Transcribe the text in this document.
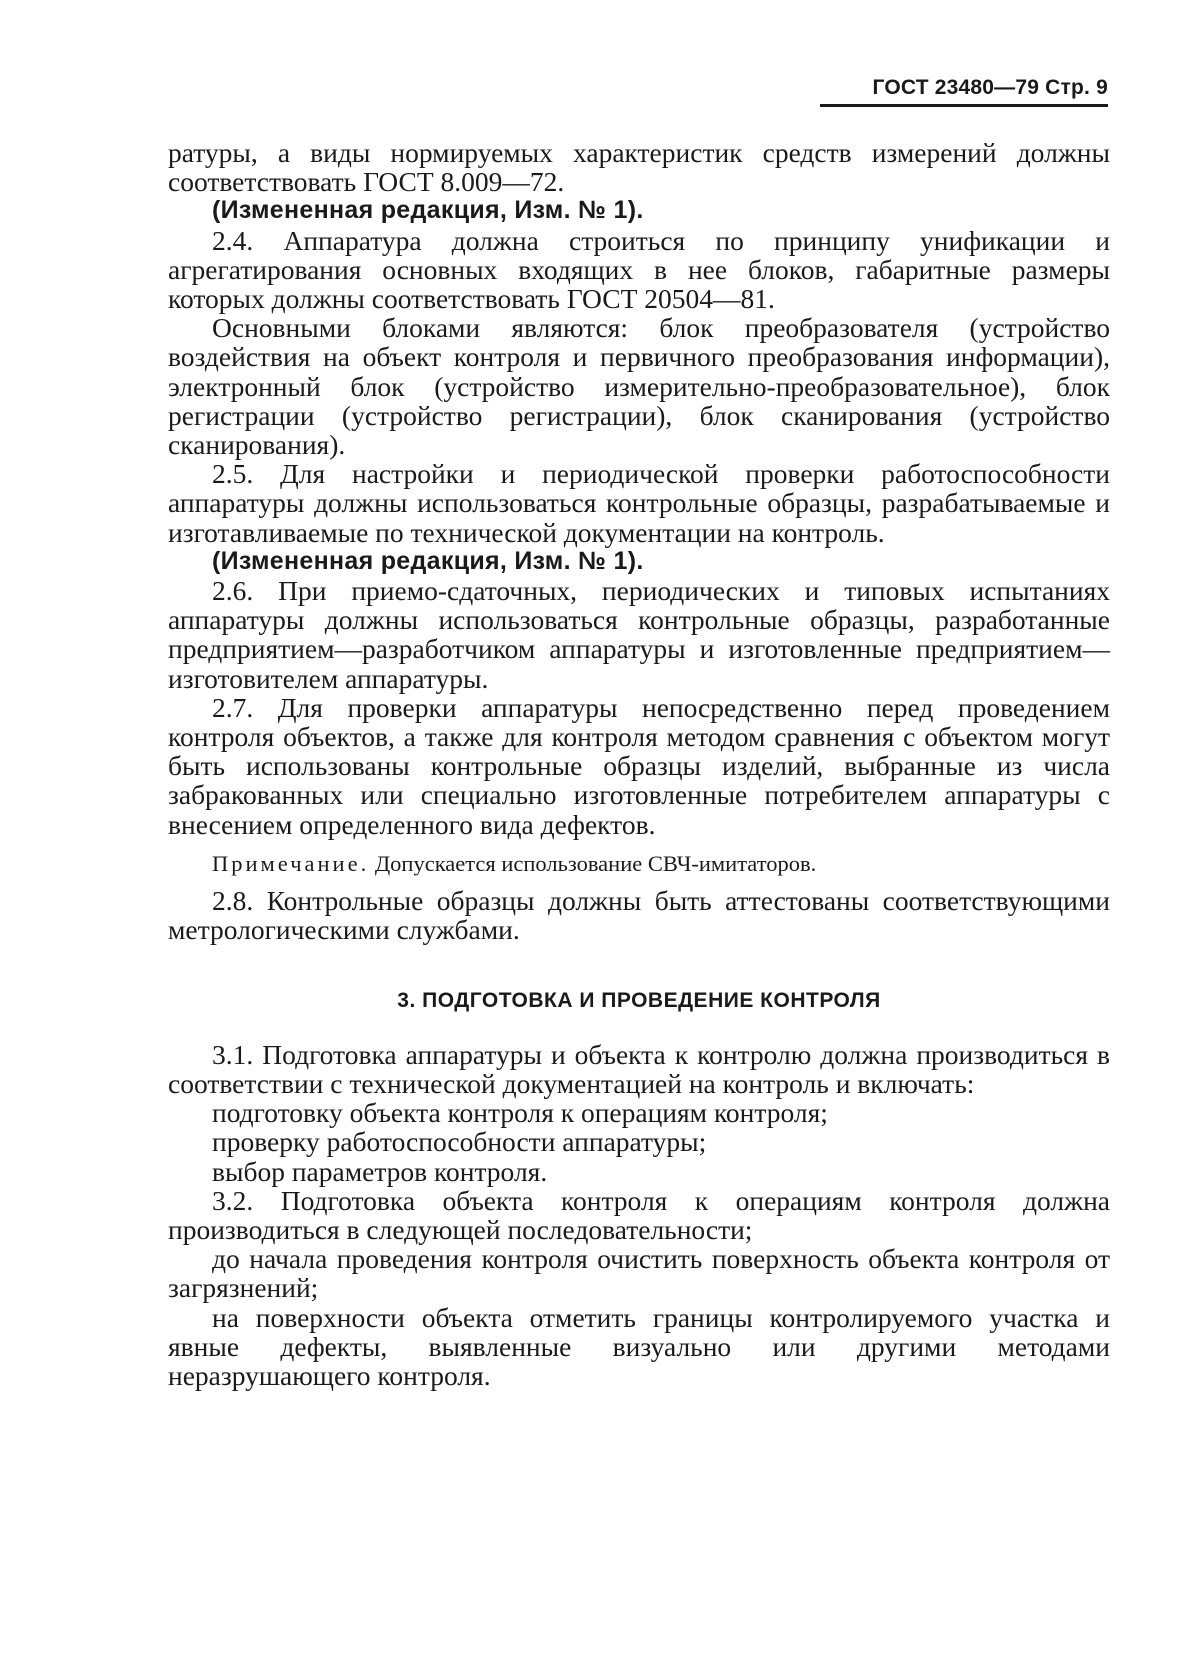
ГОСТ 23480—79 Стр. 9

ратуры, а виды нормируемых характеристик средств измерений должны соответствовать ГОСТ 8.009—72.

(Измененная редакция, Изм. № 1).

2.4. Аппаратура должна строиться по принципу унификации и агрегатирования основных входящих в нее блоков, габаритные размеры которых должны соответствовать ГОСТ 20504—81.

Основными блоками являются: блок преобразователя (устройство воздействия на объект контроля и первичного преобразования информации), электронный блок (устройство измерительно-преобразовательное), блок регистрации (устройство регистрации), блок сканирования (устройство сканирования).

2.5. Для настройки и периодической проверки работоспособности аппаратуры должны использоваться контрольные образцы, разрабатываемые и изготавливаемые по технической документации на контроль.

(Измененная редакция, Изм. № 1).

2.6. При приемо-сдаточных, периодических и типовых испытаниях аппаратуры должны использоваться контрольные образцы, разработанные предприятием—разработчиком аппаратуры и изготовленные предприятием—изготовителем аппаратуры.

2.7. Для проверки аппаратуры непосредственно перед проведением контроля объектов, а также для контроля методом сравнения с объектом могут быть использованы контрольные образцы изделий, выбранные из числа забракованных или специально изготовленные потребителем аппаратуры с внесением определенного вида дефектов.

Примечание. Допускается использование СВЧ-имитаторов.

2.8. Контрольные образцы должны быть аттестованы соответствующими метрологическими службами.

3. ПОДГОТОВКА И ПРОВЕДЕНИЕ КОНТРОЛЯ

3.1. Подготовка аппаратуры и объекта к контролю должна производиться в соответствии с технической документацией на контроль и включать:

подготовку объекта контроля к операциям контроля;

проверку работоспособности аппаратуры;

выбор параметров контроля.

3.2. Подготовка объекта контроля к операциям контроля должна производиться в следующей последовательности;

до начала проведения контроля очистить поверхность объекта контроля от загрязнений;

на поверхности объекта отметить границы контролируемого участка и явные дефекты, выявленные визуально или другими методами неразрушающего контроля.
